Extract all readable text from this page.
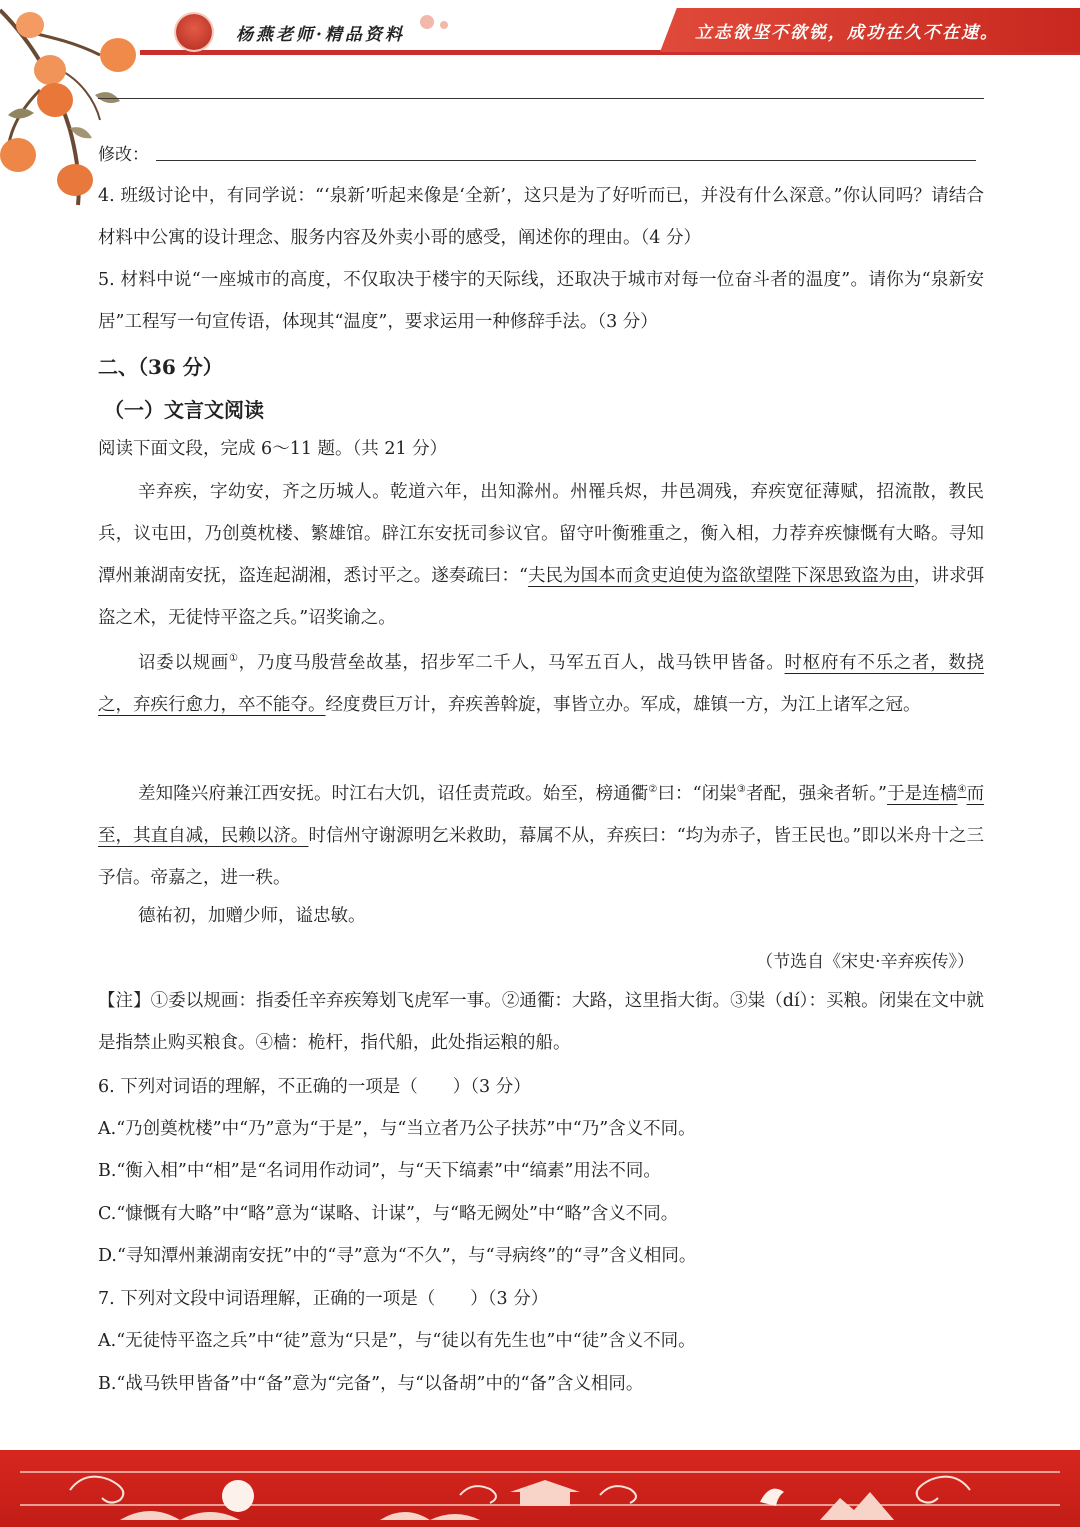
立志欲坚不欲锐，成功在久不在速。
杨燕老师·精品资料
修改：

4. 班级讨论中，有同学说：“‘泉新’听起来像是‘全新’，这只是为了好听而已，并没有什么深意。”你认同吗？请结合材料中公寓的设计理念、服务内容及外卖小哥的感受，阐述你的理由。（4 分）

5. 材料中说“一座城市的高度，不仅取决于楼宇的天际线，还取决于城市对每一位奋斗者的温度”。请你为“泉新安居”工程写一句宣传语，体现其“温度”，要求运用一种修辞手法。（3 分）

二、（36 分）
（一）文言文阅读

阅读下面文段，完成 6～11 题。（共 21 分）

辛弃疾，字幼安，齐之历城人。乾道六年，出知滁州。州罹兵烬，井邑凋残，弃疾宽征薄赋，招流散，教民兵，议屯田，乃创奠枕楼、繁雄馆。辟江东安抚司参议官。留守叶衡雅重之，衡入相，力荐弃疾慷慨有大略。寻知潭州兼湖南安抚，盗连起湖湘，悉讨平之。遂奏疏曰：“夫民为国本而贪吏迫使为盗欲望陛下深思致盗为由，讲求弭盗之术，无徒恃平盗之兵。”诏奖谕之。

诏委以规画①，乃度马殷营垒故基，招步军二千人，马军五百人，战马铁甲皆备。时枢府有不乐之者，数挠之，弃疾行愈力，卒不能夺。经度费巨万计，弃疾善斡旋，事皆立办。军成，雄镇一方，为江上诸军之冠。

差知隆兴府兼江西安抚。时江右大饥，诏任责荒政。始至，榜通衢②曰：“闭粜③者配，强籴者斩。”于是连樯④而至，其直自减，民赖以济。时信州守谢源明乞米救助，幕属不从，弃疾曰：“均为赤子，皆王民也。”即以米舟十之三予信。帝嘉之，进一秩。

德祐初，加赠少师，谥忠敏。

（节选自《宋史·辛弃疾传》）

【注】①委以规画：指委任辛弃疾筹划飞虎军一事。②通衢：大路，这里指大街。③粜（dí）：买粮。闭粜在文中就是指禁止购买粮食。④樯：桅杆，指代船，此处指运粮的船。

6. 下列对词语的理解，不正确的一项是（　　）（3 分）

A.“乃创奠枕楼”中“乃”意为“于是”，与“当立者乃公子扶苏”中“乃”含义不同。

B.“衡入相”中“相”是“名词用作动词”，与“天下缟素”中“缟素”用法不同。

C.“慷慨有大略”中“略”意为“谋略、计谋”，与“略无阙处”中“略”含义不同。

D.“寻知潭州兼湖南安抚”中的“寻”意为“不久”，与“寻病终”的“寻”含义相同。

7. 下列对文段中词语理解，正确的一项是（　　）（3 分）

A.“无徒恃平盗之兵”中“徒”意为“只是”，与“徒以有先生也”中“徒”含义不同。

B.“战马铁甲皆备”中“备”意为“完备”，与“以备胡”中的“备”含义相同。
